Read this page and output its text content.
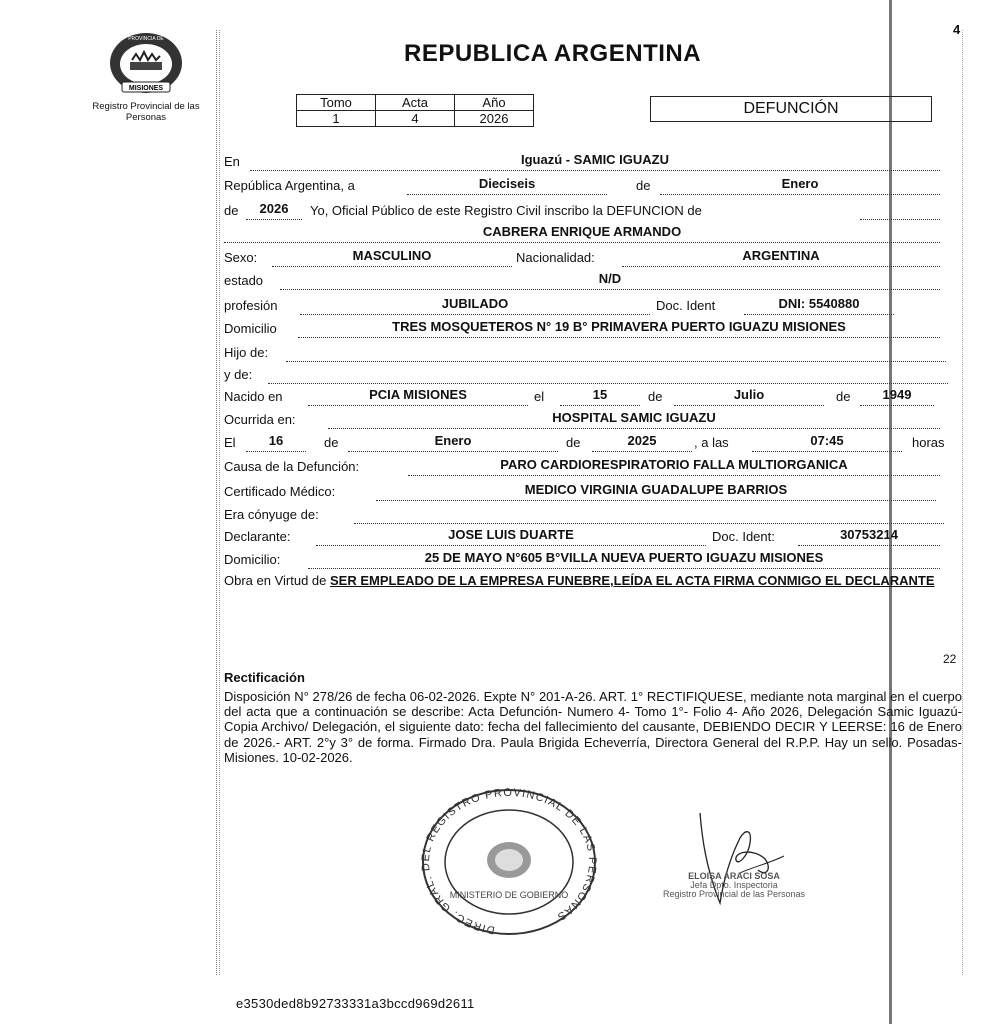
MISIONES
PROVINCIA DE
Registro Provincial de las Personas
4
REPUBLICA ARGENTINA
Tomo	Acta	Año
1	4	2026
DEFUNCIÓN
En	Iguazú - SAMIC IGUAZU
República Argentina, a	Dieciseis	de	Enero
de	2026	Yo, Oficial Público de este Registro Civil inscribo la DEFUNCION de
CABRERA ENRIQUE ARMANDO
Sexo:	MASCULINO	Nacionalidad:	ARGENTINA
estado	N/D
profesión	JUBILADO	Doc. Ident	DNI: 5540880
Domicilio	TRES MOSQUETEROS N° 19 B° PRIMAVERA PUERTO IGUAZU MISIONES
Hijo de:
y de:
Nacido en	PCIA MISIONES	el	15	de	Julio	de	1949
Ocurrida en:	HOSPITAL SAMIC IGUAZU
El	16	de	Enero	de	2025	, a las	07:45	horas
Causa de la Defunción:	PARO CARDIORESPIRATORIO FALLA MULTIORGANICA
Certificado Médico:	MEDICO VIRGINIA GUADALUPE BARRIOS
Era cónyuge de:
Declarante:	JOSE LUIS DUARTE	Doc. Ident:	30753214
Domicilio:	25 DE MAYO N°605 B°VILLA NUEVA PUERTO IGUAZU MISIONES
Obra en Virtud de SER EMPLEADO DE LA EMPRESA FUNEBRE,LEÍDA EL ACTA FIRMA CONMIGO EL DECLARANTE
22
Rectificación
Disposición N° 278/26 de fecha 06-02-2026. Expte N° 201-A-26. ART. 1° RECTIFIQUESE, mediante nota marginal en el cuerpo del acta que a continuación se describe: Acta Defunción- Numero 4- Tomo 1°- Folio 4- Año 2026, Delegación Samic Iguazú- Copia Archivo/ Delegación, el siguiente dato: fecha del fallecimiento del causante, DEBIENDO DECIR Y LEERSE: 16 de Enero de 2026.- ART. 2°y 3° de forma. Firmado Dra. Paula Brigida Echeverría, Directora General del R.P.P. Hay un sello. Posadas- Misiones. 10-02-2026.
DIREC. GRAL. DEL REGISTRO PROVINCIAL DE LAS PERSONAS
MINISTERIO DE GOBIERNO
ELOISA ARACI SOSA
Jefa Dpto. Inspectoria
Registro Provincial de las Personas
e3530ded8b92733331a3bccd969d2611
